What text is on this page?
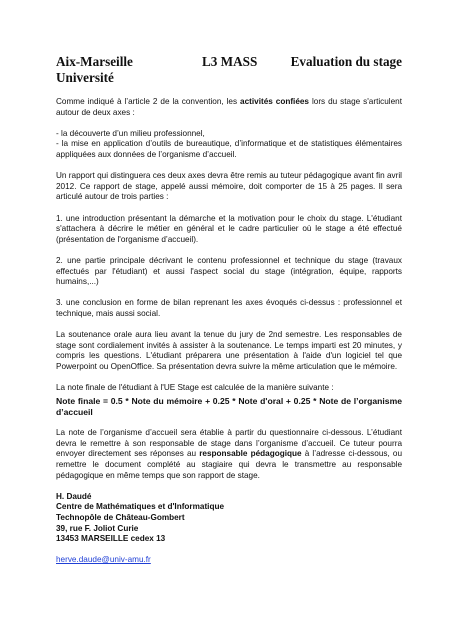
Aix-Marseille	L3 MASS	Evaluation du stage
Université

Comme indiqué à l’article 2 de la convention, les activités confiées lors du stage s'articulent autour de deux axes :

- la découverte d’un milieu professionnel,
- la mise en application d’outils de bureautique, d’informatique et de statistiques élémentaires appliquées aux données de l’organisme d’accueil.

Un rapport qui distinguera ces deux axes devra être remis au tuteur pédagogique avant fin avril 2012. Ce rapport de stage, appelé aussi mémoire, doit comporter de 15 à 25 pages. Il sera articulé autour de trois parties :

1. une introduction présentant la démarche et la motivation pour le choix du stage. L'étudiant s'attachera à décrire le métier en général et le cadre particulier où le stage a été effectué (présentation de l'organisme d’accueil).

2. une partie principale décrivant le contenu professionnel et technique du stage (travaux effectués par l'étudiant) et aussi l'aspect social du stage (intégration, équipe, rapports humains,...)

3. une conclusion en forme de bilan reprenant les axes évoqués ci-dessus : professionnel et technique, mais aussi social.

La soutenance orale aura lieu avant la tenue du jury de 2nd semestre. Les responsables de stage sont cordialement invités à assister à la soutenance. Le temps imparti est 20 minutes, y compris les questions. L'étudiant préparera une présentation à l'aide d'un logiciel tel que Powerpoint ou OpenOffice. Sa présentation devra suivre la même articulation que le mémoire.

La note finale de l'étudiant à l'UE Stage est calculée de la manière suivante :

Note finale = 0.5 * Note du mémoire + 0.25 * Note d'oral + 0.25 * Note de l’organisme d’accueil

La note de l’organisme d’accueil sera établie à partir du questionnaire ci-dessous. L’étudiant devra le remettre à son responsable de stage dans l’organisme d’accueil. Ce tuteur pourra envoyer directement ses réponses au responsable pédagogique à l’adresse ci-dessous, ou remettre le document complété au stagiaire qui devra le transmettre au responsable pédagogique en même temps que son rapport de stage.

H. Daudé
Centre de Mathématiques et d'Informatique
Technopôle de Château-Gombert
39, rue F. Joliot Curie
13453 MARSEILLE cedex 13
herve.daude@univ-amu.fr
